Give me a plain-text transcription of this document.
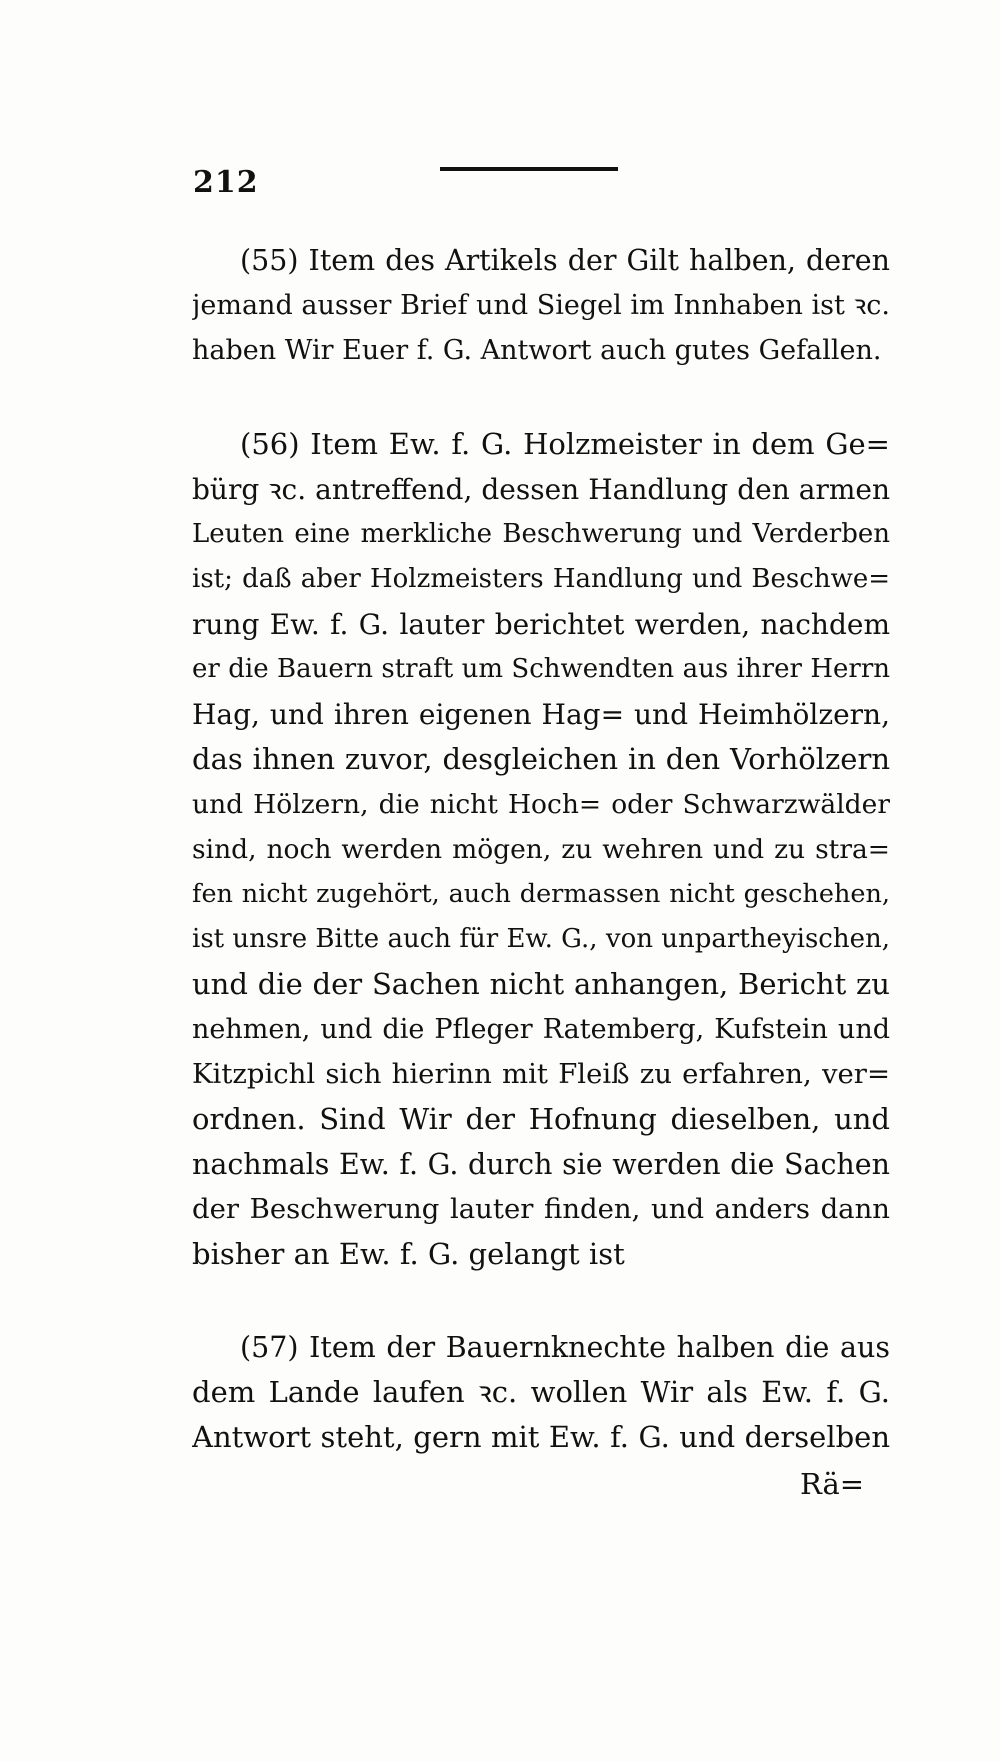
212
(55) Item des Artikels der Gilt halben, deren
jemand ausser Brief und Siegel im Innhaben ist ꝛc.
haben Wir Euer f. G. Antwort auch gutes Gefallen.
(56) Item Ew. f. G. Holzmeister in dem Ge=
bürg ꝛc. antreffend, dessen Handlung den armen
Leuten eine merkliche Beschwerung und Verderben
ist; daß aber Holzmeisters Handlung und Beschwe=
rung Ew. f. G. lauter berichtet werden, nachdem
er die Bauern straft um Schwendten aus ihrer Herrn
Hag, und ihren eigenen Hag= und Heimhölzern,
das ihnen zuvor, desgleichen in den Vorhölzern
und Hölzern, die nicht Hoch= oder Schwarzwälder
sind, noch werden mögen, zu wehren und zu stra=
fen nicht zugehört, auch dermassen nicht geschehen,
ist unsre Bitte auch für Ew. G., von unpartheyischen,
und die der Sachen nicht anhangen, Bericht zu
nehmen, und die Pfleger Ratemberg, Kufstein und
Kitzpichl sich hierinn mit Fleiß zu erfahren, ver=
ordnen. Sind Wir der Hofnung dieselben, und
nachmals Ew. f. G. durch sie werden die Sachen
der Beschwerung lauter finden, und anders dann
bisher an Ew. f. G. gelangt ist
(57) Item der Bauernknechte halben die aus
dem Lande laufen ꝛc. wollen Wir als Ew. f. G.
Antwort steht, gern mit Ew. f. G. und derselben
Rä=
